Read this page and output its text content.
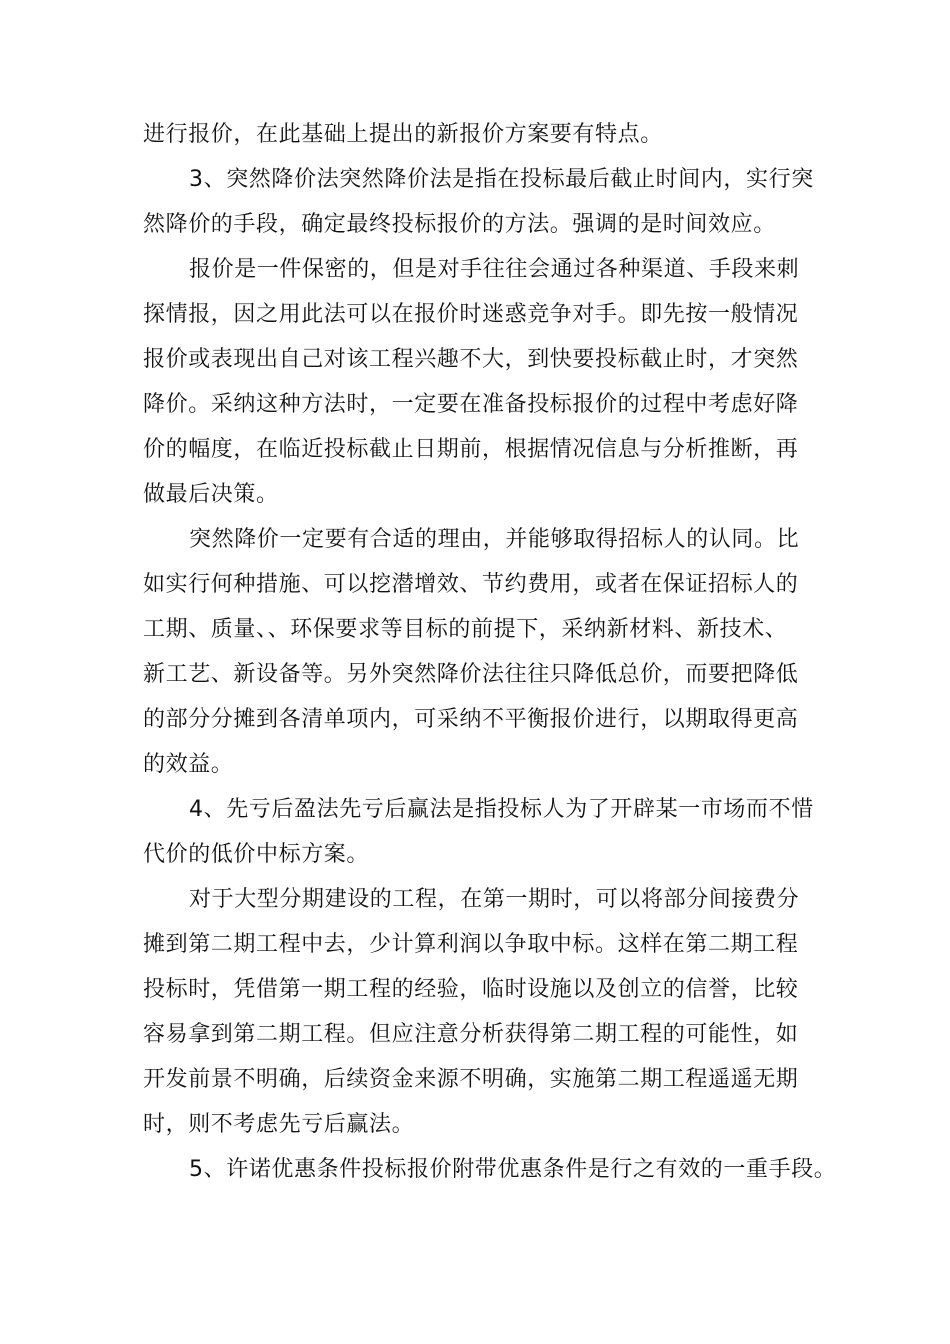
进行报价，在此基础上提出的新报价方案要有特点。
3、突然降价法突然降价法是指在投标最后截止时间内，实行突
然降价的手段，确定最终投标报价的方法。强调的是时间效应。
报价是一件保密的，但是对手往往会通过各种渠道、手段来刺
探情报，因之用此法可以在报价时迷惑竞争对手。即先按一般情况
报价或表现出自己对该工程兴趣不大，到快要投标截止时，才突然
降价。采纳这种方法时，一定要在准备投标报价的过程中考虑好降
价的幅度，在临近投标截止日期前，根据情况信息与分析推断，再
做最后决策。
突然降价一定要有合适的理由，并能够取得招标人的认同。比
如实行何种措施、可以挖潜增效、节约费用，或者在保证招标人的
工期、质量、、环保要求等目标的前提下，采纳新材料、新技术、
新工艺、新设备等。另外突然降价法往往只降低总价，而要把降低
的部分分摊到各清单项内，可采纳不平衡报价进行，以期取得更高
的效益。
4、先亏后盈法先亏后赢法是指投标人为了开辟某一市场而不惜
代价的低价中标方案。
对于大型分期建设的工程，在第一期时，可以将部分间接费分
摊到第二期工程中去，少计算利润以争取中标。这样在第二期工程
投标时，凭借第一期工程的经验，临时设施以及创立的信誉，比较
容易拿到第二期工程。但应注意分析获得第二期工程的可能性，如
开发前景不明确，后续资金来源不明确，实施第二期工程遥遥无期
时，则不考虑先亏后赢法。
5、许诺优惠条件投标报价附带优惠条件是行之有效的一重手段。
